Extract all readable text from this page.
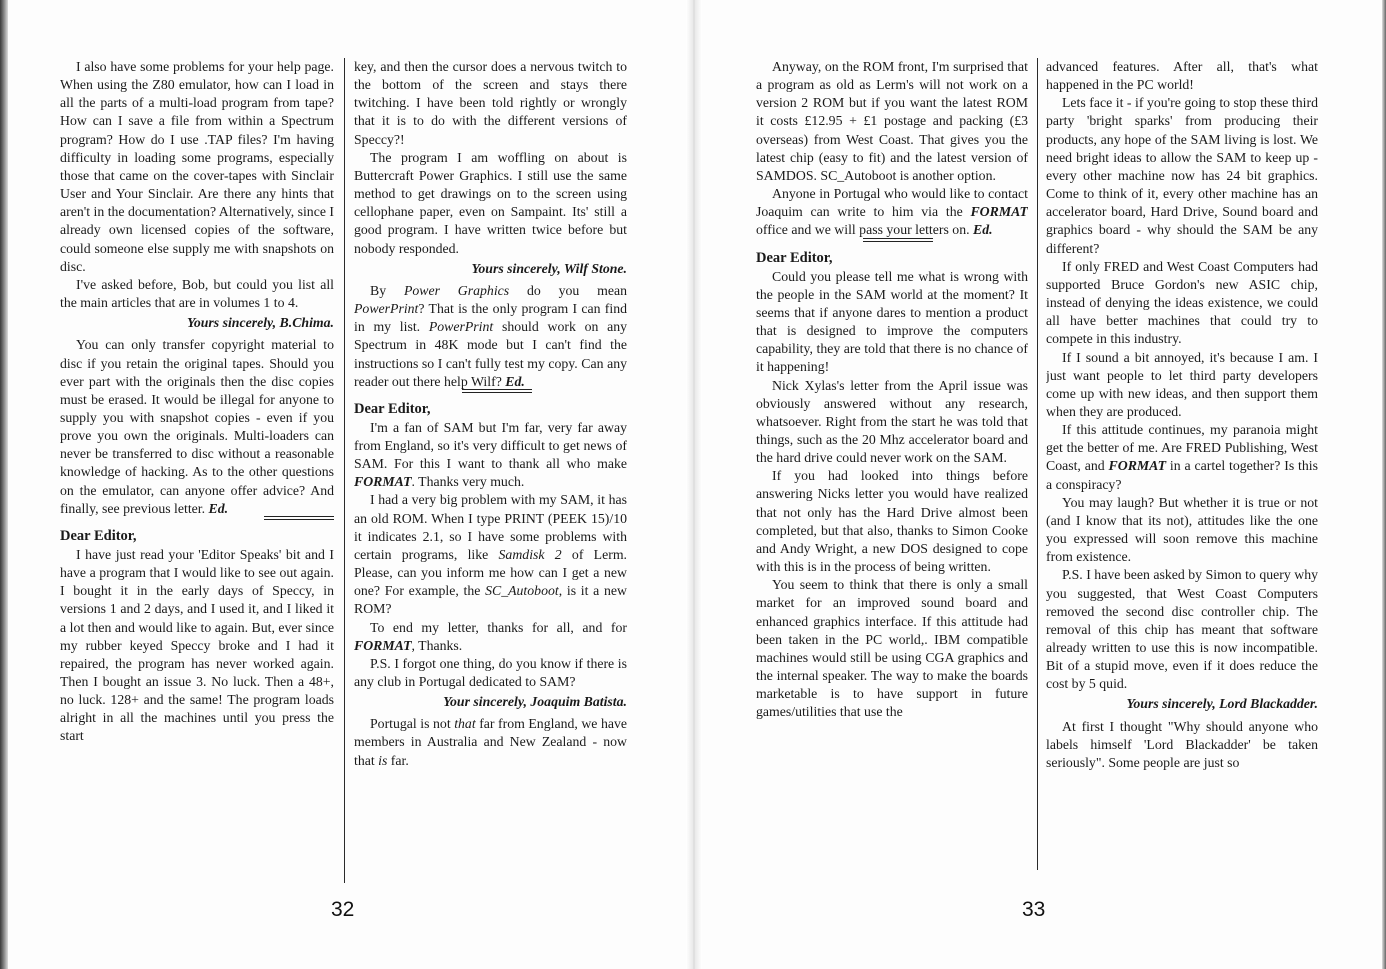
I also have some problems for your help page. When using the Z80 emulator, how can I load in all the parts of a multi-load program from tape? How can I save a file from within a Spectrum program? How do I use .TAP files? I'm having difficulty in loading some programs, especially those that came on the cover-tapes with Sinclair User and Your Sinclair. Are there any hints that aren't in the documentation? Alternatively, since I already own licensed copies of the software, could someone else supply me with snapshots on disc.

I've asked before, Bob, but could you list all the main articles that are in volumes 1 to 4.

Yours sincerely, B.Chima.

You can only transfer copyright material to disc if you retain the original tapes. Should you ever part with the originals then the disc copies must be erased. It would be illegal for anyone to supply you with snapshot copies - even if you prove you own the originals. Multi-loaders can never be transferred to disc without a reasonable knowledge of hacking. As to the other questions on the emulator, can anyone offer advice? And finally, see previous letter. Ed.

Dear Editor,

I have just read your 'Editor Speaks' bit and I have a program that I would like to see out again. I bought it in the early days of Speccy, in versions 1 and 2 days, and I used it, and I liked it a lot then and would like to again. But, ever since my rubber keyed Speccy broke and I had it repaired, the program has never worked again. Then I bought an issue 3. No luck. Then a 48+, no luck. 128+ and the same! The program loads alright in all the machines until you press the start

key, and then the cursor does a nervous twitch to the bottom of the screen and stays there twitching. I have been told rightly or wrongly that it is to do with the different versions of Speccy?!

The program I am woffling on about is Buttercraft Power Graphics. I still use the same method to get drawings on to the screen using cellophane paper, even on Sampaint. Its' still a good program. I have written twice before but nobody responded.

Yours sincerely, Wilf Stone.

By Power Graphics do you mean PowerPrint? That is the only program I can find in my list. PowerPrint should work on any Spectrum in 48K mode but I can't find the instructions so I can't fully test my copy. Can any reader out there help Wilf? Ed.

Dear Editor,

I'm a fan of SAM but I'm far, very far away from England, so it's very difficult to get news of SAM. For this I want to thank all who make FORMAT. Thanks very much.

I had a very big problem with my SAM, it has an old ROM. When I type PRINT (PEEK 15)/10 it indicates 2.1, so I have some problems with certain programs, like Samdisk 2 of Lerm. Please, can you inform me how can I get a new one? For example, the SC_Autoboot, is it a new ROM?

To end my letter, thanks for all, and for FORMAT, Thanks.

P.S. I forgot one thing, do you know if there is any club in Portugal dedicated to SAM?

Your sincerely, Joaquim Batista.

Portugal is not that far from England, we have members in Australia and New Zealand - now that is far.

32

Anyway, on the ROM front, I'm surprised that a program as old as Lerm's will not work on a version 2 ROM but if you want the latest ROM it costs £12.95 + £1 postage and packing (£3 overseas) from West Coast. That gives you the latest chip (easy to fit) and the latest version of SAMDOS. SC_Autoboot is another option.

Anyone in Portugal who would like to contact Joaquim can write to him via the FORMAT office and we will pass your letters on. Ed.

Dear Editor,

Could you please tell me what is wrong with the people in the SAM world at the moment? It seems that if anyone dares to mention a product that is designed to improve the computers capability, they are told that there is no chance of it happening!

Nick Xylas's letter from the April issue was obviously answered without any research, whatsoever. Right from the start he was told that things, such as the 20 Mhz accelerator board and the hard drive could never work on the SAM.

If you had looked into things before answering Nicks letter you would have realized that not only has the Hard Drive almost been completed, but that also, thanks to Simon Cooke and Andy Wright, a new DOS designed to cope with this is in the process of being written.

You seem to think that there is only a small market for an improved sound board and enhanced graphics interface. If this attitude had been taken in the PC world,. IBM compatible machines would still be using CGA graphics and the internal speaker. The way to make the boards marketable is to have support in future games/utilities that use the

advanced features. After all, that's what happened in the PC world!

Lets face it - if you're going to stop these third party 'bright sparks' from producing their products, any hope of the SAM living is lost. We need bright ideas to allow the SAM to keep up - every other machine now has 24 bit graphics. Come to think of it, every other machine has an accelerator board, Hard Drive, Sound board and graphics board - why should the SAM be any different?

If only FRED and West Coast Computers had supported Bruce Gordon's new ASIC chip, instead of denying the ideas existence, we could all have better machines that could try to compete in this industry.

If I sound a bit annoyed, it's because I am. I just want people to let third party developers come up with new ideas, and then support them when they are produced.

If this attitude continues, my paranoia might get the better of me. Are FRED Publishing, West Coast, and FORMAT in a cartel together? Is this a conspiracy?

You may laugh? But whether it is true or not (and I know that its not), attitudes like the one you expressed will soon remove this machine from existence.

P.S. I have been asked by Simon to query why you suggested, that West Coast Computers removed the second disc controller chip. The removal of this chip has meant that software already written to use this is now incompatible. Bit of a stupid move, even if it does reduce the cost by 5 quid.

Yours sincerely, Lord Blackadder.

At first I thought "Why should anyone who labels himself 'Lord Blackadder' be taken seriously". Some people are just so

33
